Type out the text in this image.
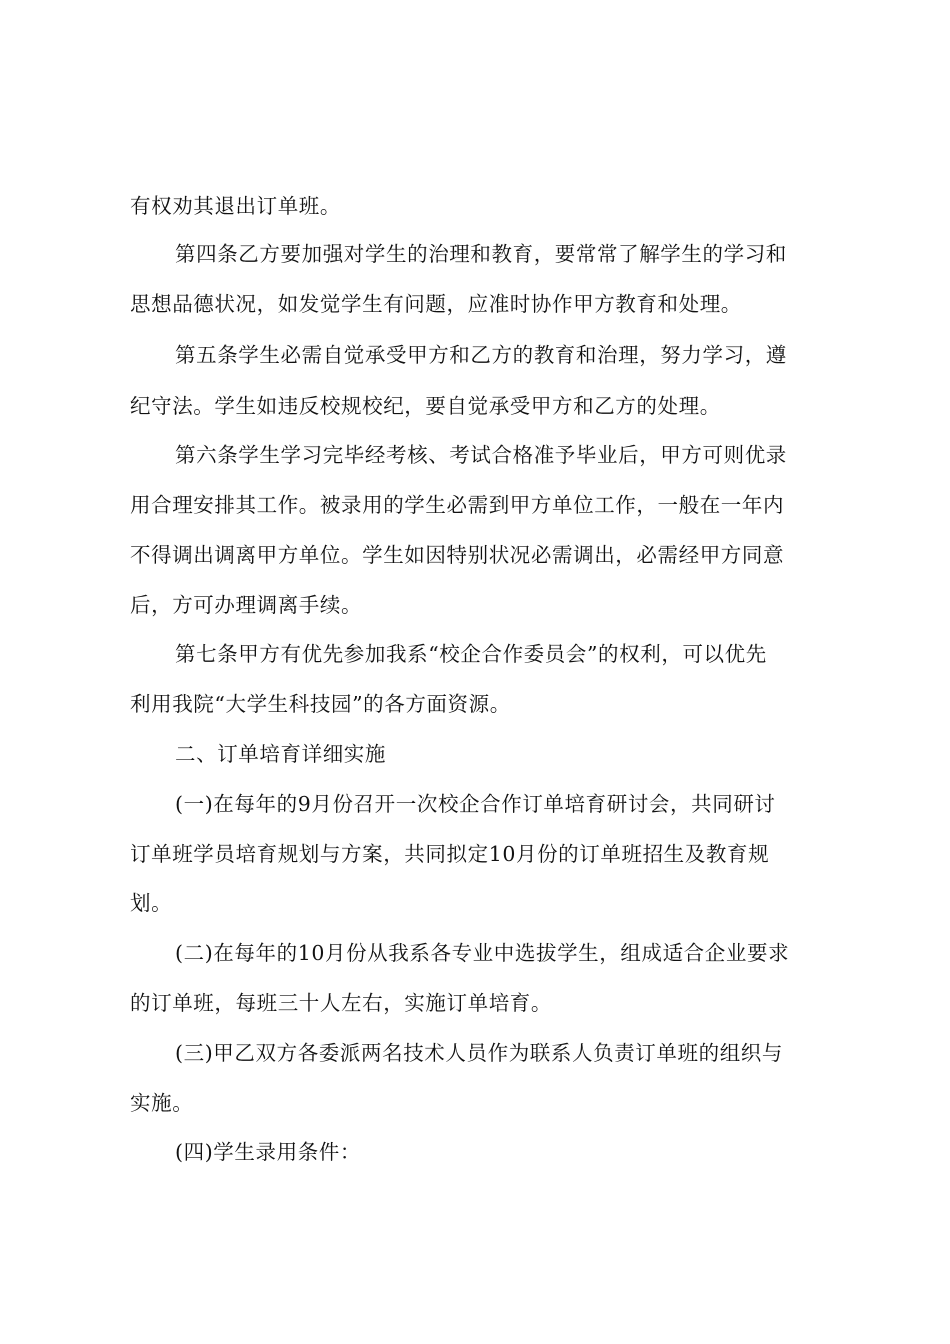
有权劝其退出订单班。
第四条乙方要加强对学生的治理和教育，要常常了解学生的学习和
思想品德状况，如发觉学生有问题，应准时协作甲方教育和处理。
第五条学生必需自觉承受甲方和乙方的教育和治理，努力学习，遵
纪守法。学生如违反校规校纪，要自觉承受甲方和乙方的处理。
第六条学生学习完毕经考核、考试合格准予毕业后，甲方可则优录
用合理安排其工作。被录用的学生必需到甲方单位工作，一般在一年内
不得调出调离甲方单位。学生如因特别状况必需调出，必需经甲方同意
后，方可办理调离手续。
第七条甲方有优先参加我系“校企合作委员会”的权利，可以优先
利用我院“大学生科技园”的各方面资源。
二、订单培育详细实施
(一)在每年的9月份召开一次校企合作订单培育研讨会，共同研讨
订单班学员培育规划与方案，共同拟定10月份的订单班招生及教育规
划。
(二)在每年的10月份从我系各专业中选拔学生，组成适合企业要求
的订单班，每班三十人左右，实施订单培育。
(三)甲乙双方各委派两名技术人员作为联系人负责订单班的组织与
实施。
(四)学生录用条件：
